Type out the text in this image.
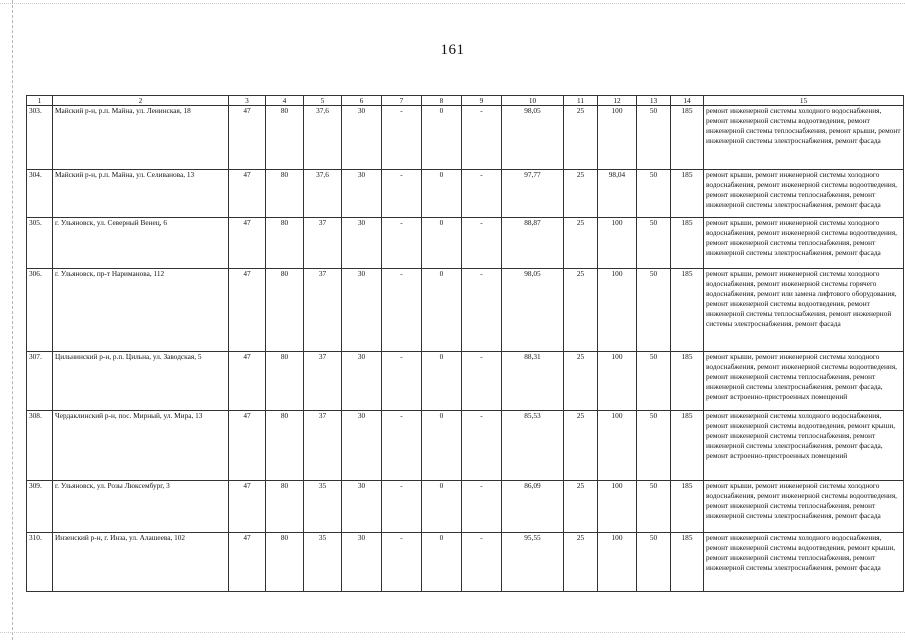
161
1	2	3	4	5	6	7	8	9	10	11	12	13	14	15
303.	Майский р-н, р.п. Майна, ул. Ленинская, 18	47	80	37,6	30	-	0	-	98,05	25	100	50	185	ремонт инженерной системы холодного водоснабжения, ремонт инженерной системы водоотведения, ремонт инженерной системы теплоснабжения, ремонт крыши, ремонт инженерной системы электроснабжения, ремонт фасада
304.	Майский р-н, р.п. Майна, ул. Селиванова, 13	47	80	37,6	30	-	0	-	97,77	25	98,04	50	185	ремонт крыши, ремонт инженерной системы холодного водоснабжения, ремонт инженерной системы водоотведения, ремонт инженерной системы теплоснабжения, ремонт инженерной системы электроснабжения, ремонт фасада
305.	г. Ульяновск, ул. Северный Венец, 6	47	80	37	30	-	0	-	88,87	25	100	50	185	ремонт крыши, ремонт инженерной системы холодного водоснабжения, ремонт инженерной системы водоотведения, ремонт инженерной системы теплоснабжения, ремонт инженерной системы электроснабжения, ремонт фасада
306.	г. Ульяновск, пр-т Нариманова, 112	47	80	37	30	-	0	-	98,05	25	100	50	185	ремонт крыши, ремонт инженерной системы холодного водоснабжения, ремонт инженерной системы горячего водоснабжения, ремонт или замена лифтового оборудования, ремонт инженерной системы водоотведения, ремонт инженерной системы теплоснабжения, ремонт инженерной системы электроснабжения, ремонт фасада
307.	Цильнинский р-н, р.п. Цильна, ул. Заводская, 5	47	80	37	30	-	0	-	88,31	25	100	50	185	ремонт крыши, ремонт инженерной системы холодного водоснабжения, ремонт инженерной системы водоотведения, ремонт инженерной системы теплоснабжения, ремонт инженерной системы электроснабжения, ремонт фасада, ремонт встроенно-пристроенных помещений
308.	Чердаклинский р-н, пос. Мирный, ул. Мира, 13	47	80	37	30	-	0	-	85,53	25	100	50	185	ремонт инженерной системы холодного водоснабжения, ремонт инженерной системы водоотведения, ремонт крыши, ремонт инженерной системы теплоснабжения, ремонт инженерной системы электроснабжения, ремонт фасада, ремонт встроенно-пристроенных помещений
309.	г. Ульяновск, ул. Розы Люксембург, 3	47	80	35	30	-	0	-	86,09	25	100	50	185	ремонт крыши, ремонт инженерной системы холодного водоснабжения, ремонт инженерной системы водоотведения, ремонт инженерной системы теплоснабжения, ремонт инженерной системы электроснабжения, ремонт фасада
310.	Инзенский р-н, г. Инза, ул. Алашеева, 102	47	80	35	30	-	0	-	95,55	25	100	50	185	ремонт инженерной системы холодного водоснабжения, ремонт инженерной системы водоотведения, ремонт крыши, ремонт инженерной системы теплоснабжения, ремонт инженерной системы электроснабжения, ремонт фасада
